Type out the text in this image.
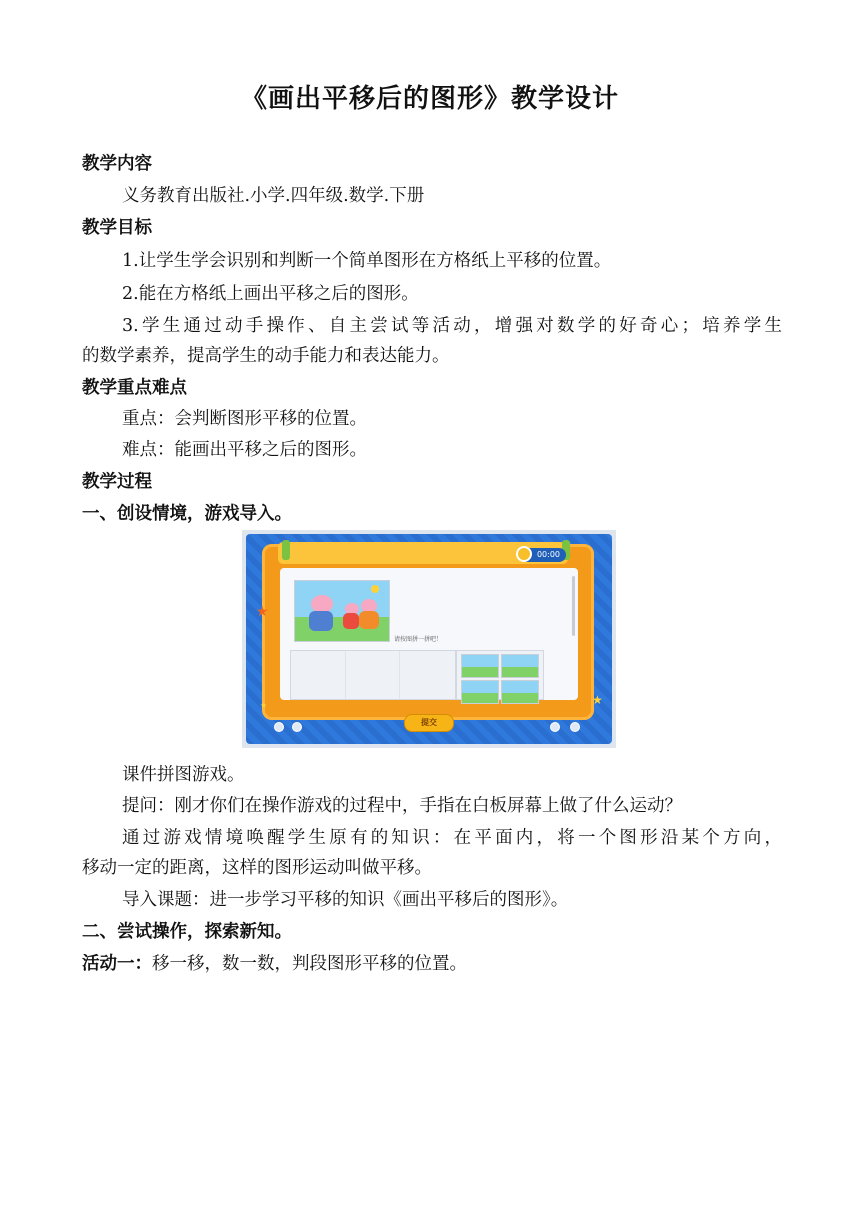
《画出平移后的图形》教学设计
教学内容
义务教育出版社.小学.四年级.数学.下册
教学目标
1.让学生学会识别和判断一个简单图形在方格纸上平移的位置。
2.能在方格纸上画出平移之后的图形。
3.学生通过动手操作、自主尝试等活动，增强对数学的好奇心；培养学生
的数学素养，提高学生的动手能力和表达能力。
教学重点难点
重点：会判断图形平移的位置。
难点：能画出平移之后的图形。
教学过程
一、创设情境，游戏导入。
00:00
请按图拼一拼吧！
提交
★
★
★
课件拼图游戏。
提问：刚才你们在操作游戏的过程中，手指在白板屏幕上做了什么运动？
通过游戏情境唤醒学生原有的知识：在平面内，将一个图形沿某个方向，
移动一定的距离，这样的图形运动叫做平移。
导入课题：进一步学习平移的知识《画出平移后的图形》。
二、尝试操作，探索新知。
活动一：移一移，数一数，判段图形平移的位置。
